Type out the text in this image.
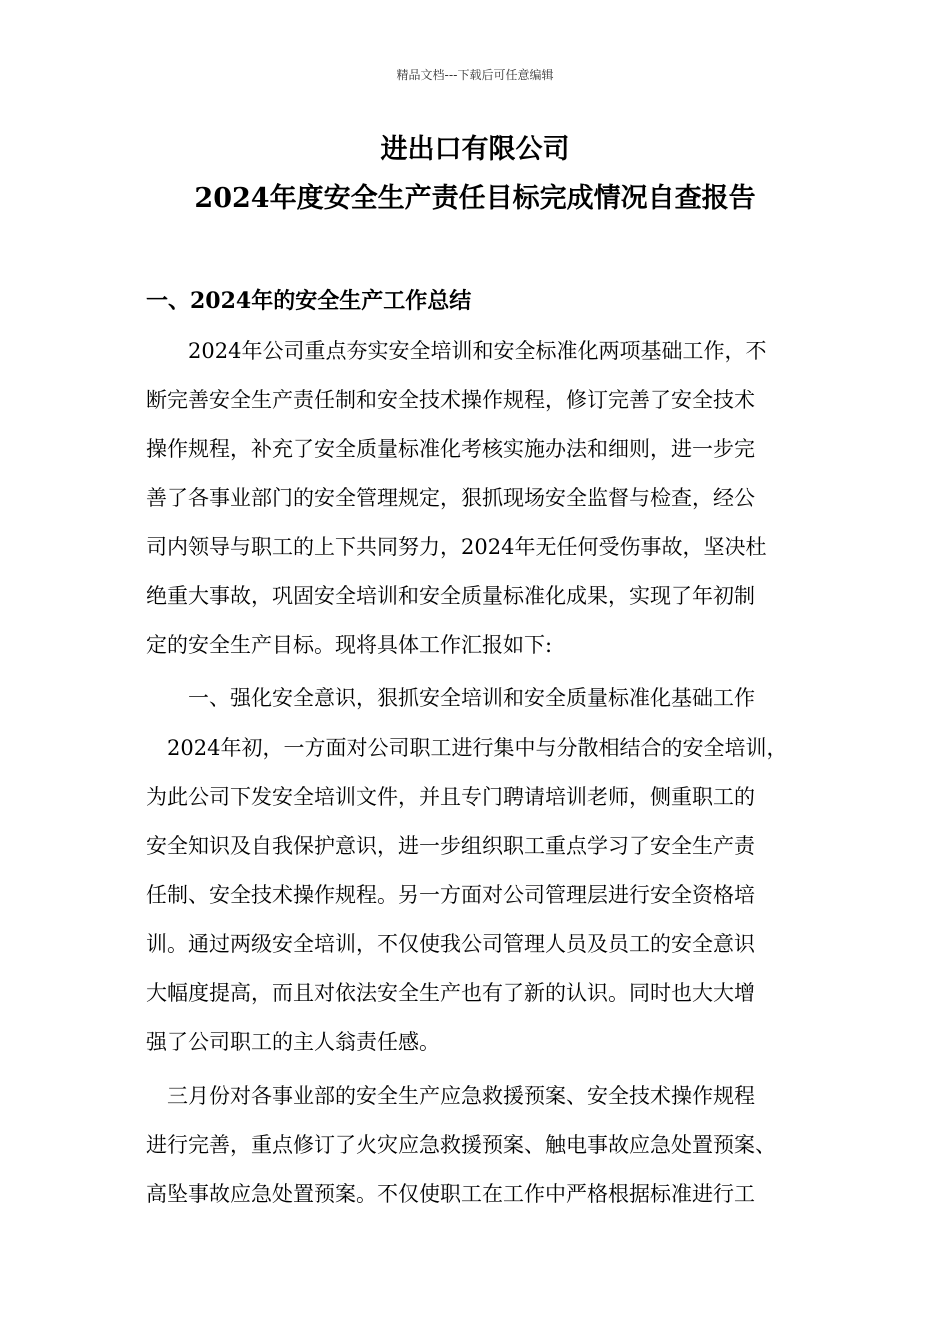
精品文档---下载后可任意编辑
进出口有限公司
2024年度安全生产责任目标完成情况自查报告
一、2024年的安全生产工作总结
　　2024年公司重点夯实安全培训和安全标准化两项基础工作，不
断完善安全生产责任制和安全技术操作规程，修订完善了安全技术
操作规程，补充了安全质量标准化考核实施办法和细则，进一步完
善了各事业部门的安全管理规定，狠抓现场安全监督与检查，经公
司内领导与职工的上下共同努力，2024年无任何受伤事故，坚决杜
绝重大事故，巩固安全培训和安全质量标准化成果，实现了年初制
定的安全生产目标。现将具体工作汇报如下:
　　一、强化安全意识，狠抓安全培训和安全质量标准化基础工作
　2024年初，一方面对公司职工进行集中与分散相结合的安全培训，
为此公司下发安全培训文件，并且专门聘请培训老师，侧重职工的
安全知识及自我保护意识，进一步组织职工重点学习了安全生产责
任制、安全技术操作规程。另一方面对公司管理层进行安全资格培
训。通过两级安全培训，不仅使我公司管理人员及员工的安全意识
大幅度提高，而且对依法安全生产也有了新的认识。同时也大大增
强了公司职工的主人翁责任感。
　三月份对各事业部的安全生产应急救援预案、安全技术操作规程
进行完善，重点修订了火灾应急救援预案、触电事故应急处置预案、
高坠事故应急处置预案。不仅使职工在工作中严格根据标准进行工
